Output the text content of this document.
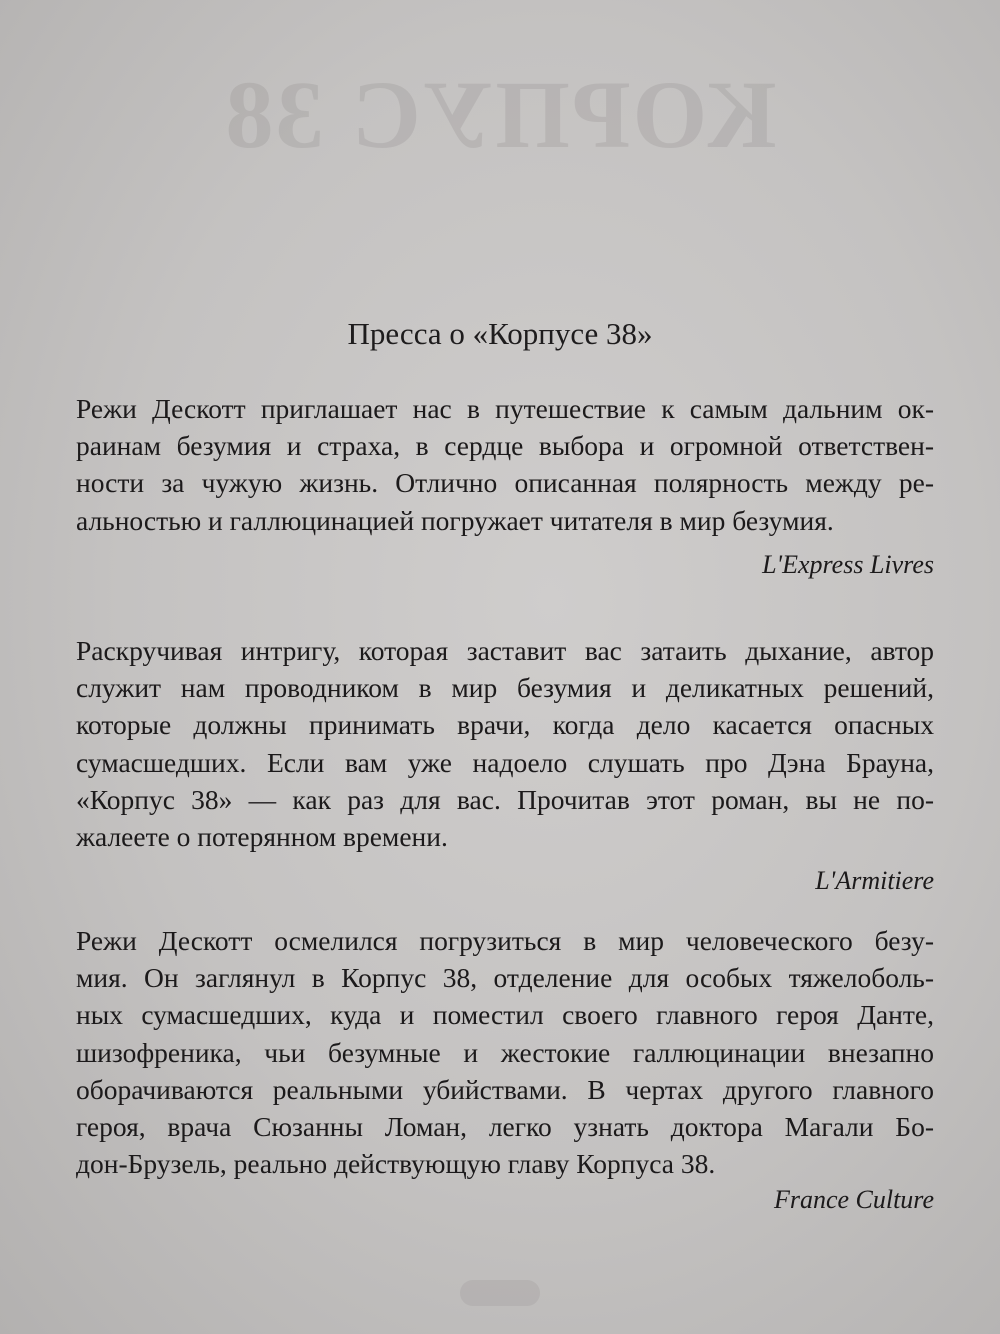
КОРПУС 38
Пресса о «Корпусе 38»

Режи Дескотт приглашает нас в путешествие к самым дальним ок-
раинам безумия и страха, в сердце выбора и огромной ответствен-
ности за чужую жизнь. Отлично описанная полярность между ре-
альностью и галлюцинацией погружает читателя в мир безумия.

L'Express Livres

Раскручивая интригу, которая заставит вас затаить дыхание, автор
служит нам проводником в мир безумия и деликатных решений,
которые должны принимать врачи, когда дело касается опасных
сумасшедших. Если вам уже надоело слушать про Дэна Брауна,
«Корпус 38» — как раз для вас. Прочитав этот роман, вы не по-
жалеете о потерянном времени.

L'Armitiere

Режи Дескотт осмелился погрузиться в мир человеческого безу-
мия. Он заглянул в Корпус 38, отделение для особых тяжелоболь-
ных сумасшедших, куда и поместил своего главного героя Данте,
шизофреника, чьи безумные и жестокие галлюцинации внезапно
оборачиваются реальными убийствами. В чертах другого главного
героя, врача Сюзанны Ломан, легко узнать доктора Магали Бо-
дон-Брузель, реально действующую главу Корпуса 38.

France Culture
